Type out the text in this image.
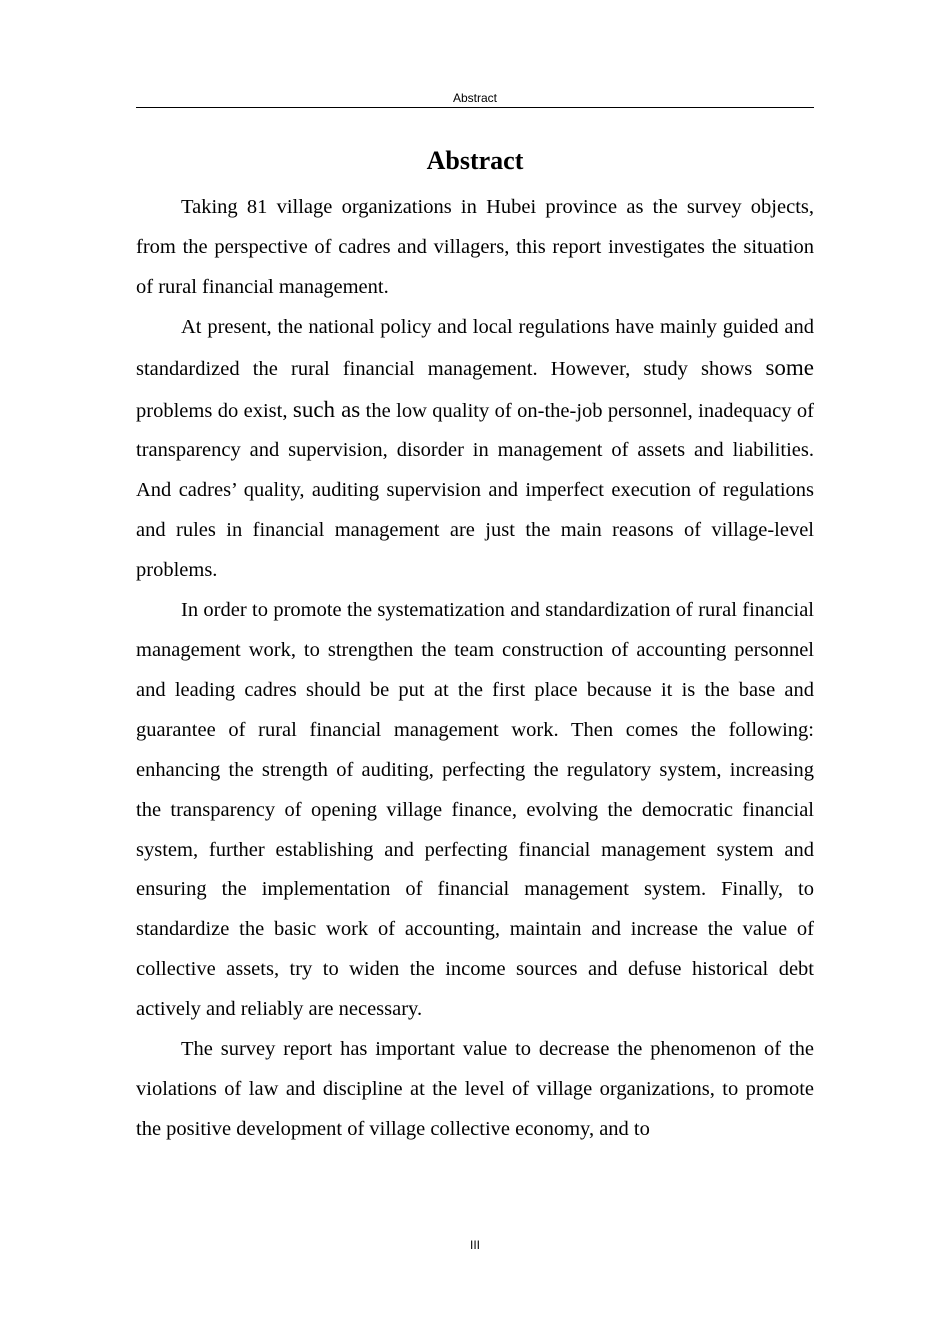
Abstract
Abstract

Taking 81 village organizations in Hubei province as the survey objects, from the perspective of cadres and villagers, this report investigates the situation of rural financial management.

At present, the national policy and local regulations have mainly guided and standardized the rural financial management. However, study shows some problems do exist, such as the low quality of on-the-job personnel, inadequacy of transparency and supervision, disorder in management of assets and liabilities. And cadres’ quality, auditing supervision and imperfect execution of regulations and rules in financial management are just the main reasons of village-level problems.

In order to promote the systematization and standardization of rural financial management work, to strengthen the team construction of accounting personnel and leading cadres should be put at the first place because it is the base and guarantee of rural financial management work. Then comes the following: enhancing the strength of auditing, perfecting the regulatory system, increasing the transparency of opening village finance, evolving the democratic financial system, further establishing and perfecting financial management system and ensuring the implementation of financial management system. Finally, to standardize the basic work of accounting, maintain and increase the value of collective assets, try to widen the income sources and defuse historical debt actively and reliably are necessary.

The survey report has important value to decrease the phenomenon of the violations of law and discipline at the level of village organizations, to promote the positive development of village collective economy, and to

III
